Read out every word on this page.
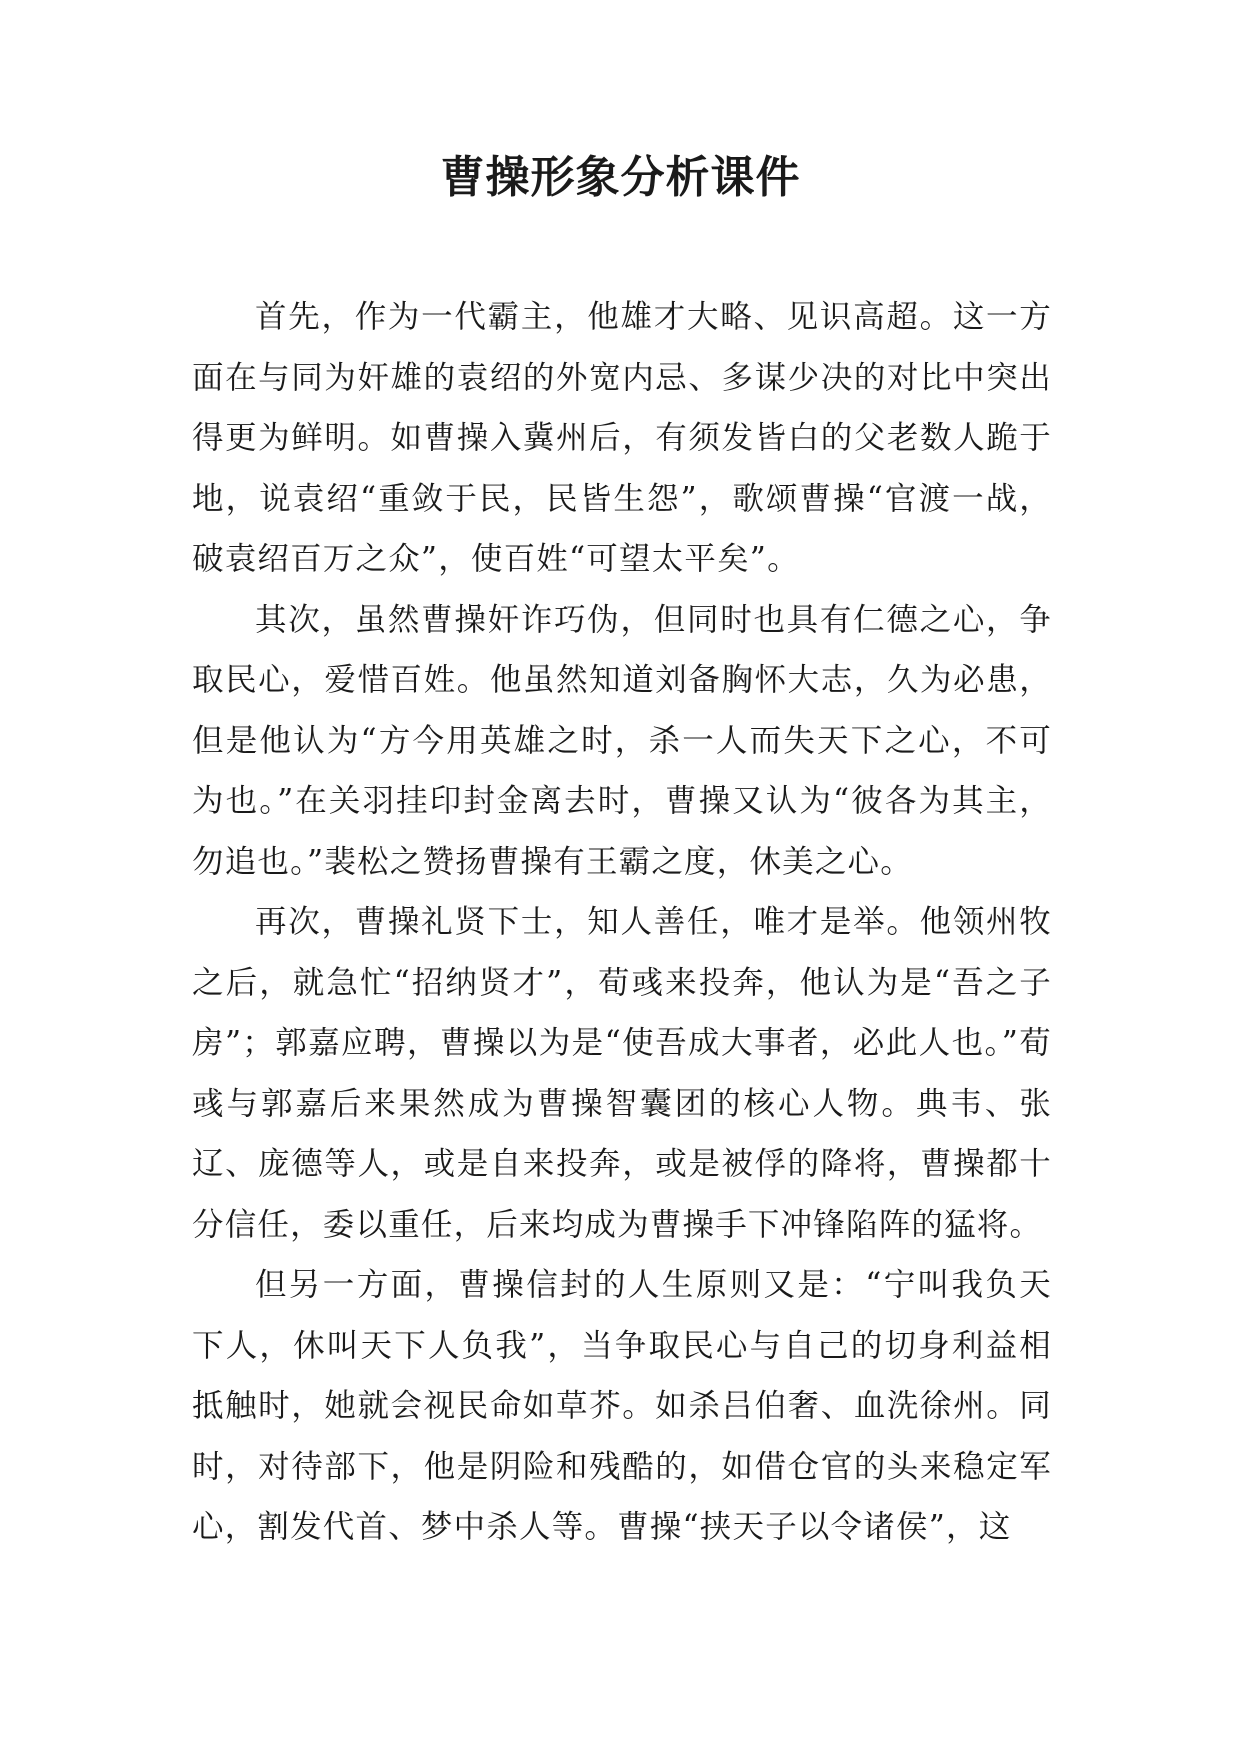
曹操形象分析课件

首先，作为一代霸主，他雄才大略、见识高超。这一方面在与同为奸雄的袁绍的外宽内忌、多谋少决的对比中突出得更为鲜明。如曹操入冀州后，有须发皆白的父老数人跪于地，说袁绍“重敛于民，民皆生怨”，歌颂曹操“官渡一战，破袁绍百万之众”，使百姓“可望太平矣”。

其次，虽然曹操奸诈巧伪，但同时也具有仁德之心，争取民心，爱惜百姓。他虽然知道刘备胸怀大志，久为必患，但是他认为“方今用英雄之时，杀一人而失天下之心，不可为也。”在关羽挂印封金离去时，曹操又认为“彼各为其主，勿追也。”裴松之赞扬曹操有王霸之度，休美之心。

再次，曹操礼贤下士，知人善任，唯才是举。他领州牧之后，就急忙“招纳贤才”，荀彧来投奔，他认为是“吾之子房”；郭嘉应聘，曹操以为是“使吾成大事者，必此人也。”荀彧与郭嘉后来果然成为曹操智囊团的核心人物。典韦、张辽、庞德等人，或是自来投奔，或是被俘的降将，曹操都十分信任，委以重任，后来均成为曹操手下冲锋陷阵的猛将。

但另一方面，曹操信封的人生原则又是：“宁叫我负天下人，休叫天下人负我”，当争取民心与自己的切身利益相抵触时，她就会视民命如草芥。如杀吕伯奢、血洗徐州。同时，对待部下，他是阴险和残酷的，如借仓官的头来稳定军心，割发代首、梦中杀人等。曹操“挟天子以令诸侯”，这
